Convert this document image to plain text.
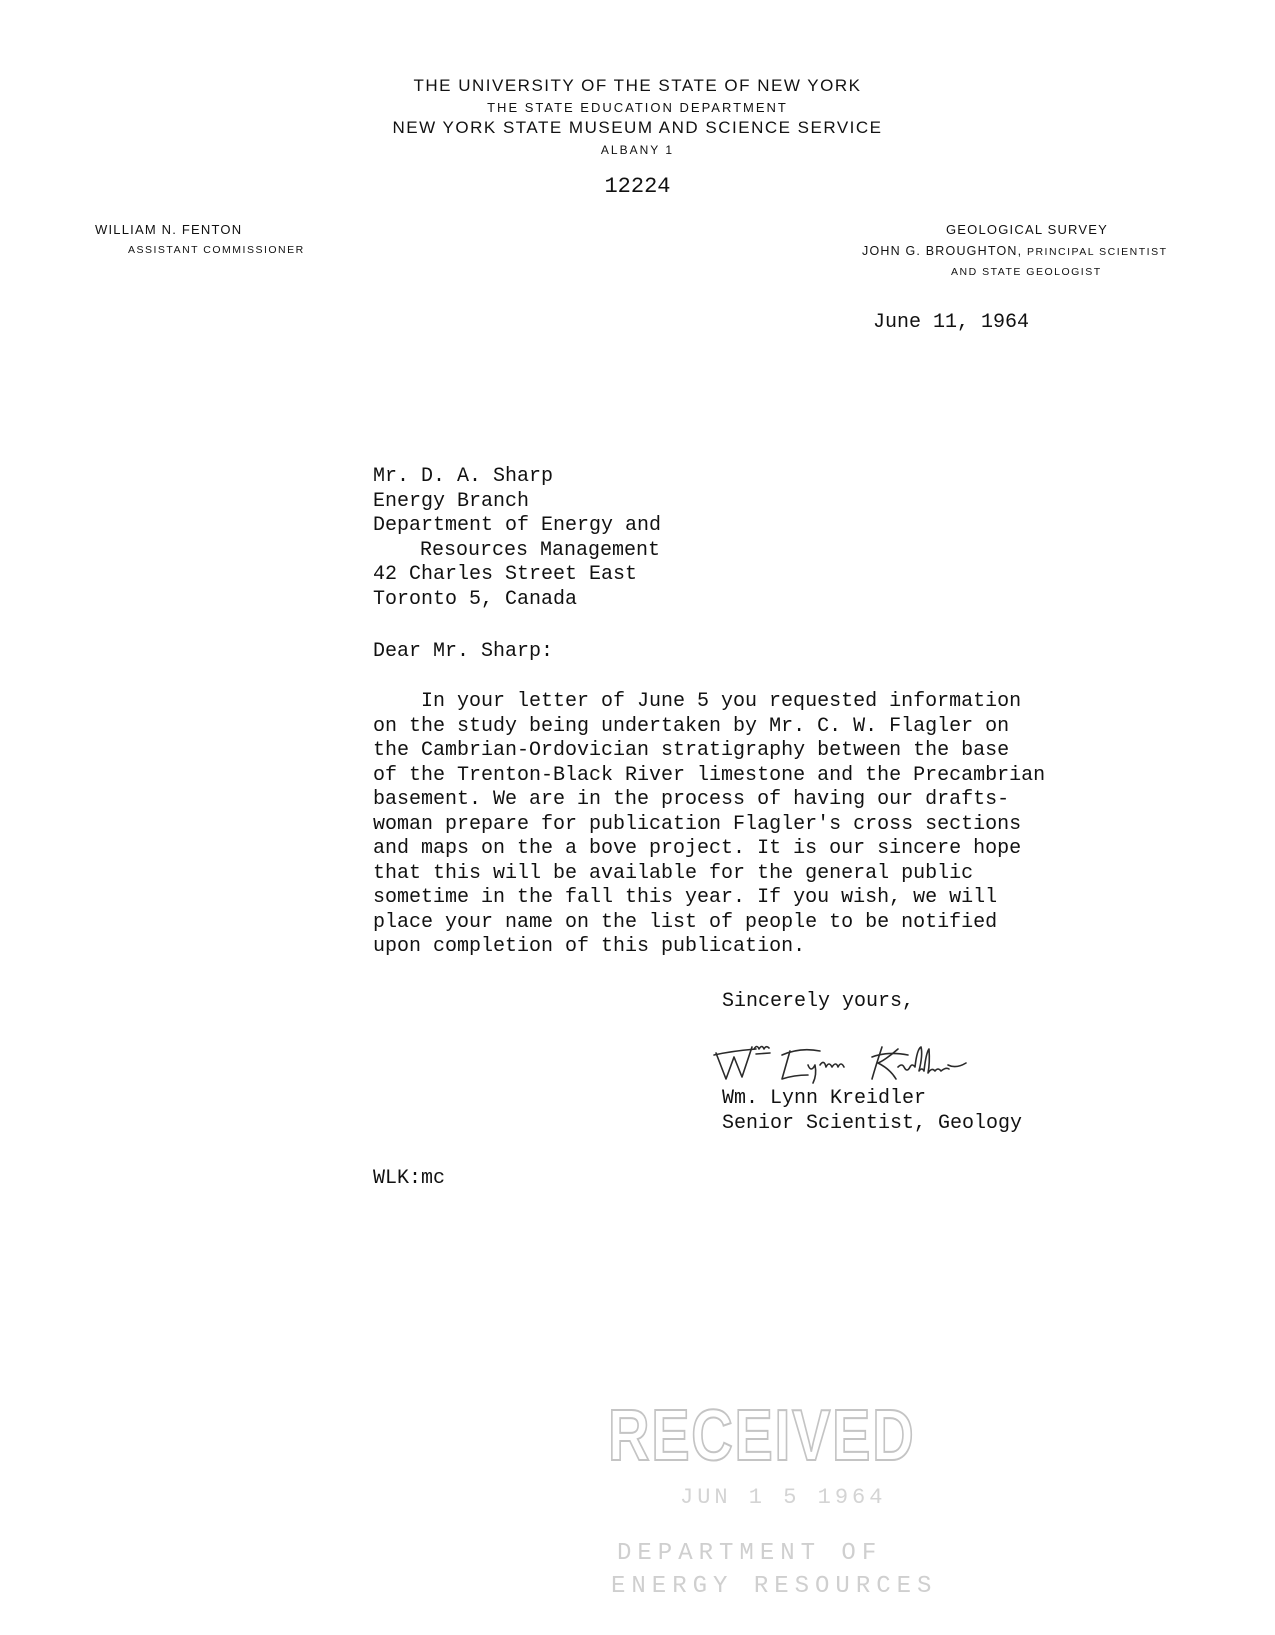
THE UNIVERSITY OF THE STATE OF NEW YORK
THE STATE EDUCATION DEPARTMENT
NEW YORK STATE MUSEUM AND SCIENCE SERVICE
ALBANY 1
12224
WILLIAM N. FENTON
ASSISTANT COMMISSIONER
GEOLOGICAL SURVEY
JOHN G. BROUGHTON, PRINCIPAL SCIENTIST
AND STATE GEOLOGIST
June 11, 1964
Mr. D. A. Sharp
Energy Branch
Department of Energy and
Resources Management
42 Charles Street East
Toronto 5, Canada
Dear Mr. Sharp:
In your letter of June 5 you requested information
on the study being undertaken by Mr. C. W. Flagler on
the Cambrian-Ordovician stratigraphy between the base
of the Trenton-Black River limestone and the Precambrian
basement. We are in the process of having our drafts-
woman prepare for publication Flagler's cross sections
and maps on the a bove project. It is our sincere hope
that this will be available for the general public
sometime in the fall this year. If you wish, we will
place your name on the list of people to be notified
upon completion of this publication.
Sincerely yours,
Wm. Lynn Kreidler
Senior Scientist, Geology
WLK:mc
RECEIVED
JUN 1 5 1964
DEPARTMENT OF
ENERGY RESOURCES
